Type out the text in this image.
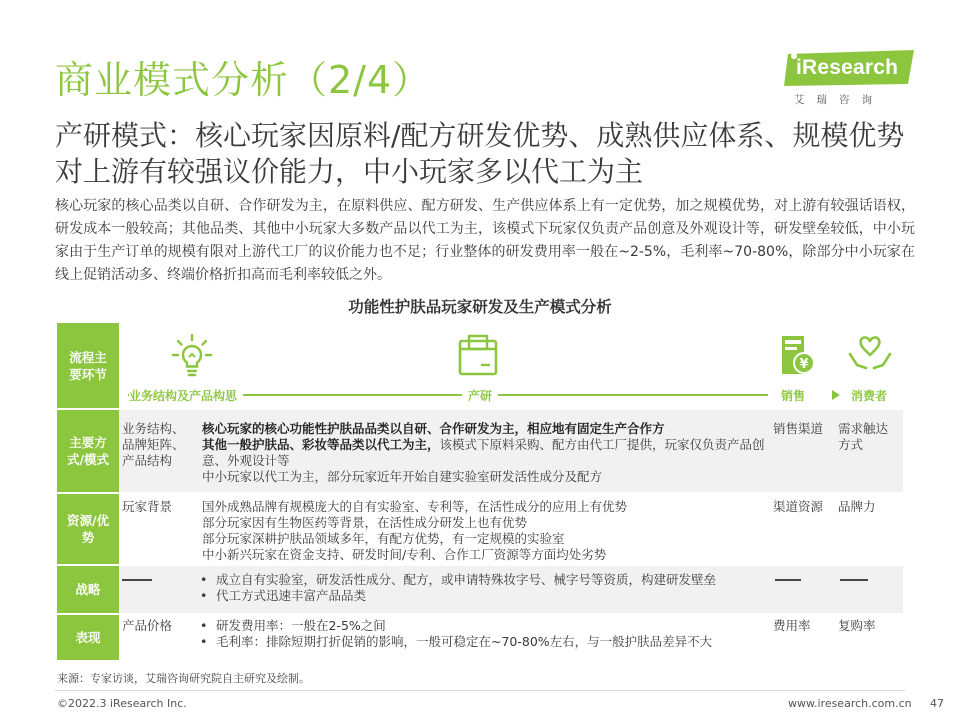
商业模式分析（2/4）	iResearch
艾瑞咨询
产研模式：核心玩家因原料/配方研发优势、成熟供应体系、规模优势对上游有较强议价能力，中小玩家多以代工为主
核心玩家的核心品类以自研、合作研发为主，在原料供应、配方研发、生产供应体系上有一定优势，加之规模优势，对上游有较强话语权，研发成本一般较高；其他品类、其他中小玩家大多数产品以代工为主，该模式下玩家仅负责产品创意及外观设计等，研发壁垒较低，中小玩家由于生产订单的规模有限对上游代工厂的议价能力也不足；行业整体的研发费用率一般在~2-5%，毛利率~70-80%，除部分中小玩家在线上促销活动多、终端价格折扣高而毛利率较低之外。
功能性护肤品玩家研发及生产模式分析
流程主要环节
¥
业务结构及产品构思	产研	销售	消费者
主要方式/模式
业务结构、品牌矩阵、产品结构
核心玩家的核心功能性护肤品品类以自研、合作研发为主，相应地有固定生产合作方
其他一般护肤品、彩妆等品类以代工为主，该模式下原料采购、配方由代工厂提供，玩家仅负责产品创意、外观设计等
中小玩家以代工为主，部分玩家近年开始自建实验室研发活性成分及配方
销售渠道	需求触达方式
资源/优势
玩家背景	国外成熟品牌有规模庞大的自有实验室、专利等，在活性成分的应用上有优势
部分玩家因有生物医药等背景，在活性成分研发上也有优势
部分玩家深耕护肤品领域多年，有配方优势，有一定规模的实验室
中小新兴玩家在资金支持、研发时间/专利、合作工厂资源等方面均处劣势
渠道资源	品牌力
战略
• 成立自有实验室，研发活性成分、配方，或申请特殊妆字号、械字号等资质，构建研发壁垒
• 代工方式迅速丰富产品品类
表现
产品价格
•	研发费用率：一般在2-5%之间
• 毛利率：排除短期打折促销的影响，一般可稳定在~70-80%左右，与一般护肤品差异不大
费用率	复购率
来源：专家访谈，艾瑞咨询研究院自主研究及绘制。
©2022.3 iResearch Inc.	www.iresearch.com.cn 47
